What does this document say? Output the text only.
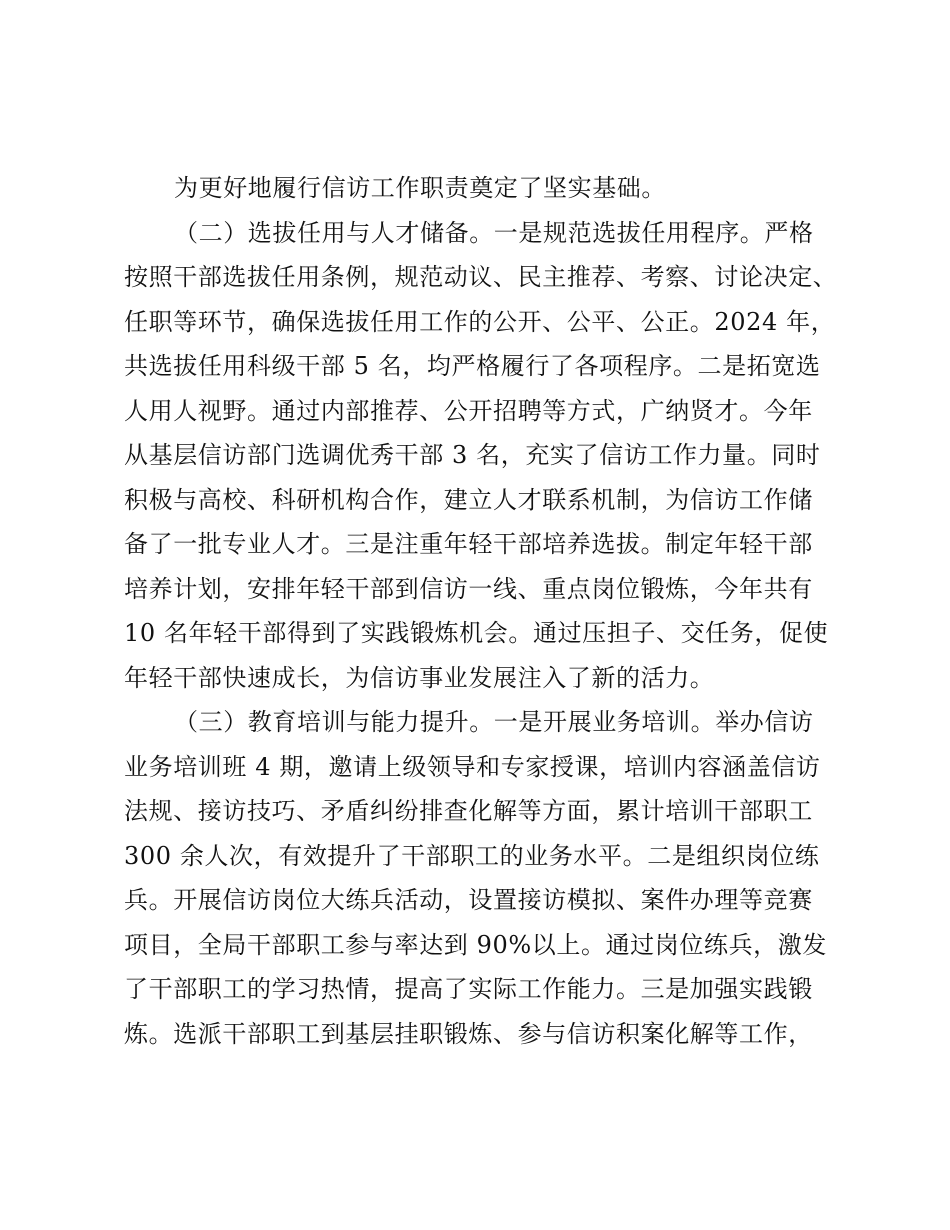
为更好地履行信访工作职责奠定了坚实基础。
（二）选拔任用与人才储备。一是规范选拔任用程序。严格
按照干部选拔任用条例，规范动议、民主推荐、考察、讨论决定、
任职等环节，确保选拔任用工作的公开、公平、公正。2024 年，
共选拔任用科级干部 5 名，均严格履行了各项程序。二是拓宽选
人用人视野。通过内部推荐、公开招聘等方式，广纳贤才。今年
从基层信访部门选调优秀干部 3 名，充实了信访工作力量。同时
积极与高校、科研机构合作，建立人才联系机制，为信访工作储
备了一批专业人才。三是注重年轻干部培养选拔。制定年轻干部
培养计划，安排年轻干部到信访一线、重点岗位锻炼，今年共有
10 名年轻干部得到了实践锻炼机会。通过压担子、交任务，促使
年轻干部快速成长，为信访事业发展注入了新的活力。
（三）教育培训与能力提升。一是开展业务培训。举办信访
业务培训班 4 期，邀请上级领导和专家授课，培训内容涵盖信访
法规、接访技巧、矛盾纠纷排查化解等方面，累计培训干部职工
300 余人次，有效提升了干部职工的业务水平。二是组织岗位练
兵。开展信访岗位大练兵活动，设置接访模拟、案件办理等竞赛
项目，全局干部职工参与率达到 90%以上。通过岗位练兵，激发
了干部职工的学习热情，提高了实际工作能力。三是加强实践锻
炼。选派干部职工到基层挂职锻炼、参与信访积案化解等工作，
